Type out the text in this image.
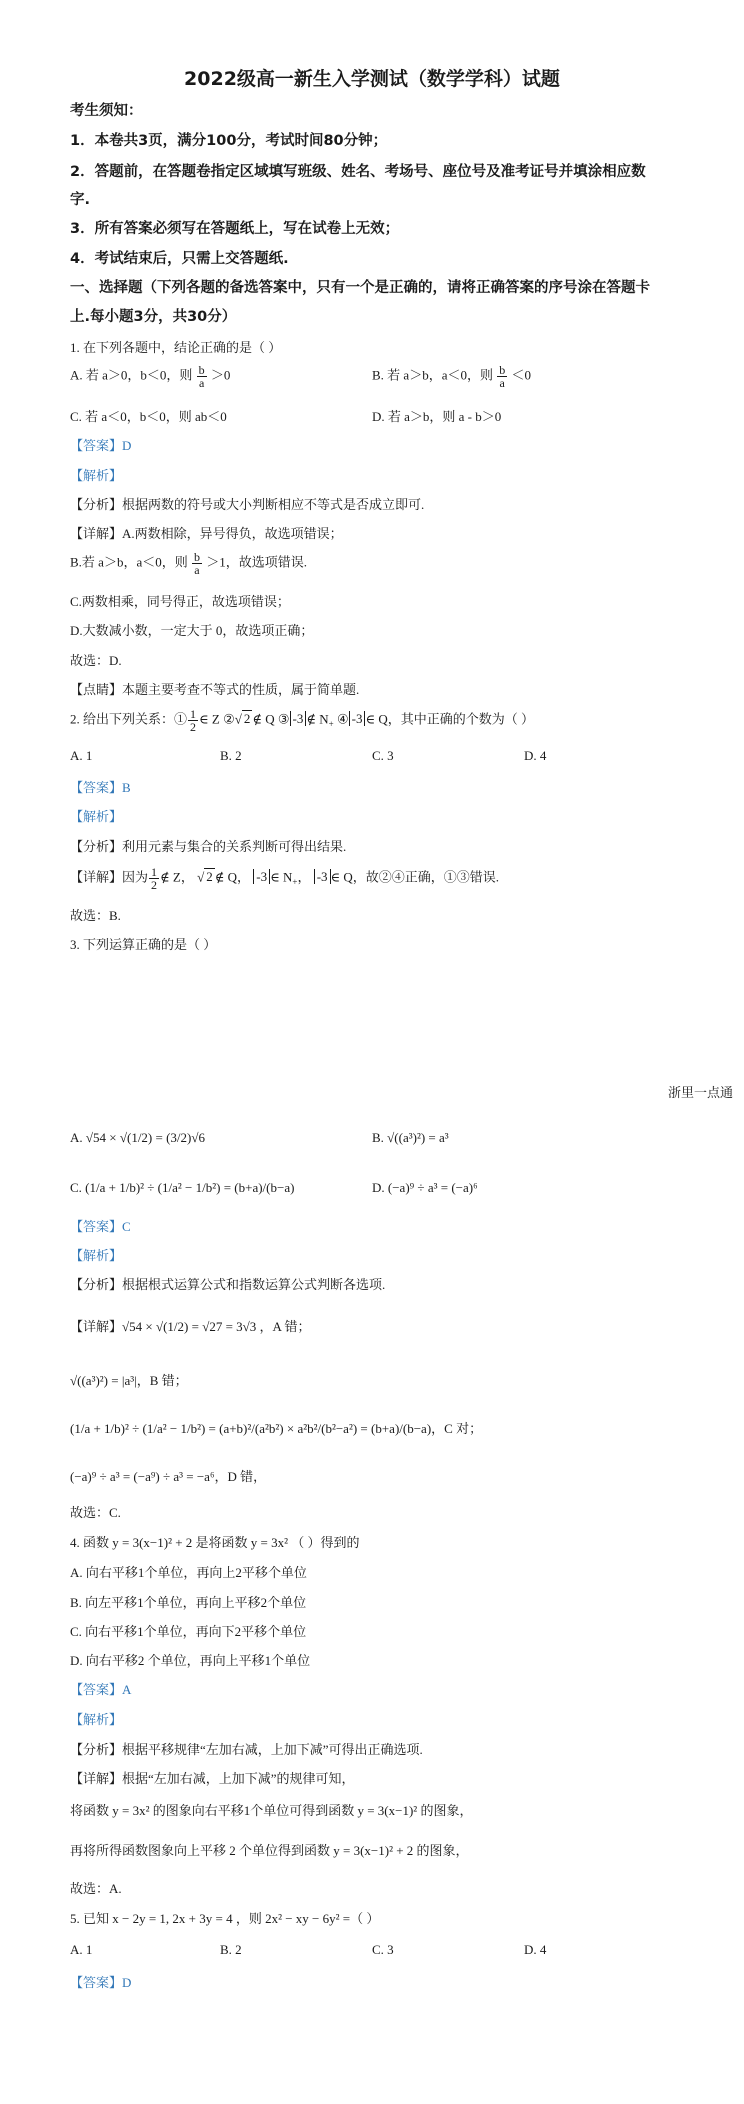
2022级高一新生入学测试（数学学科）试题
考生须知：
1．本卷共3页，满分100分，考试时间80分钟；
2．答题前，在答题卷指定区域填写班级、姓名、考场号、座位号及准考证号并填涂相应数
字.
3．所有答案必须写在答题纸上，写在试卷上无效；
4．考试结束后，只需上交答题纸.
一、选择题（下列各题的备选答案中，只有一个是正确的，请将正确答案的序号涂在答题卡
上.每小题3分，共30分）
1. 在下列各题中，结论正确的是（ ）
A. 若 a＞0，b＜0，则 $\frac{b}{a} >0$	B. 若 a＞b，a＜0，则 $\frac{b}{a} <0$
C. 若 a＜0，b＜0，则 ab＜0	D. 若 a＞b，则 a - b＞0
【答案】D
【解析】
【分析】根据两数的符号或大小判断相应不等式是否成立即可.
【详解】A.两数相除，异号得负，故选项错误；
B.若 a＞b，a＜0，则 $\frac{b}{a} >1$，故选项错误.
C.两数相乘，同号得正，故选项错误；
D.大数减小数，一定大于 0，故选项正确；
故选：D.
【点睛】本题主要考查不等式的性质，属于简单题.
2. 给出下列关系：① $\frac{1}{2}$ ∈ Z ②√ 2 ∉ Q ③ -3 ∉ $N_+$ ④ -3 ∈ Q，其中正确的个数为（ ）
A. 1	B. 2	C. 3	D. 4
【答案】B
【解析】
【分析】利用元素与集合的关系判断可得出结果.
【详解】因为 $\frac{1}{2}$ ∉ Z， √ 2 ∉ Q， -3 ∈ $N_+$， -3 ∈ Q，故②④正确，①③错误.
故选：B.
3. 下列运算正确的是（ ）
浙里一点通
A. √54 × √(1/2) = (3/2)√6	B. √((a³)²) = a³
C. (1/a + 1/b)² ÷ (1/a² − 1/b²) = (b+a)/(b−a)	D. (−a)⁹ ÷ a³ = (−a)⁶
【答案】C
【解析】
【分析】根据根式运算公式和指数运算公式判断各选项.
【详解】√54 × √(1/2) = √27 = 3√3 ，A 错；
√((a³)²) = |a³|，B 错；
(1/a + 1/b)² ÷ (1/a² − 1/b²) = (a+b)²/(a²b²) × a²b²/(b²−a²) = (b+a)/(b−a)，C 对；
(−a)⁹ ÷ a³ = (−a⁹) ÷ a³ = −a⁶，D 错，
故选：C.
4. 函数 y = 3(x−1)² + 2 是将函数 y = 3x² （ ）得到的
A. 向右平移1个单位，再向上2平移个单位
B. 向左平移1个单位，再向上平移2个单位
C. 向右平移1个单位，再向下2平移个单位
D. 向右平移2 个单位，再向上平移1个单位
【答案】A
【解析】
【分析】根据平移规律“左加右减，上加下减”可得出正确选项.
【详解】根据“左加右减，上加下减”的规律可知，
将函数 y = 3x² 的图象向右平移1个单位可得到函数 y = 3(x−1)² 的图象，
再将所得函数图象向上平移 2 个单位得到函数 y = 3(x−1)² + 2 的图象，
故选：A.
5. 已知 x − 2y = 1, 2x + 3y = 4 ，则 2x² − xy − 6y² =（ ）
A. 1	B. 2	C. 3	D. 4
【答案】D
